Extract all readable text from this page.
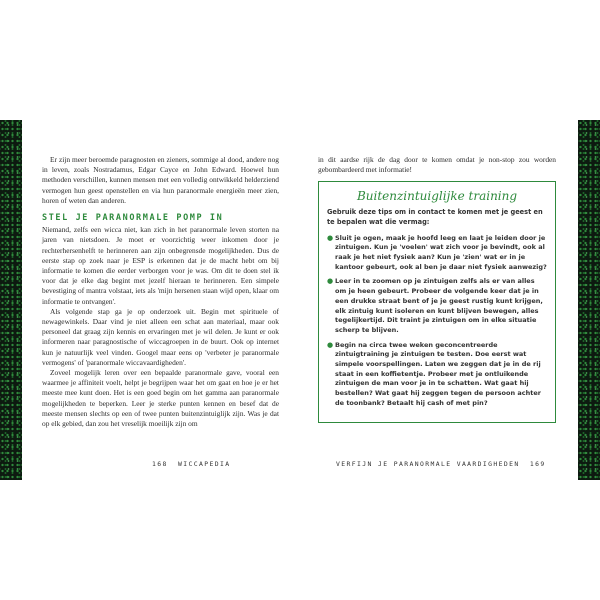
Er zijn meer beroemde paragnosten en zieners, sommige al dood, andere nog in leven, zoals Nostradamus, Edgar Cayce en John Edward. Hoewel hun methoden verschillen, kunnen mensen met een volledig ontwikkeld helderziend vermogen hun geest openstellen en via hun paranormale energieën meer zien, horen of weten dan anderen.

STEL JE PARANORMALE POMP IN

Niemand, zelfs een wicca niet, kan zich in het paranormale leven storten na jaren van nietsdoen. Je moet er voorzichtig weer inkomen door je rechterhersenhelft te herinneren aan zijn onbegrensde mogelijkheden. Dus de eerste stap op zoek naar je ESP is erkennen dat je de macht hebt om bij informatie te komen die eerder verborgen voor je was. Om dit te doen stel ik voor dat je elke dag begint met jezelf hieraan te herinneren. Een simpele bevestiging of mantra volstaat, iets als 'mijn hersenen staan wijd open, klaar om informatie te ontvangen'.

Als volgende stap ga je op onderzoek uit. Begin met spirituele of newagewinkels. Daar vind je niet alleen een schat aan materiaal, maar ook personeel dat graag zijn kennis en ervaringen met je wil delen. Je kunt er ook informeren naar paragnostische of wiccagroepen in de buurt. Ook op internet kun je natuurlijk veel vinden. Googel maar eens op 'verbeter je paranormale vermogens' of 'paranormale wiccavaardigheden'.

Zoveel mogelijk leren over een bepaalde paranormale gave, vooral een waarmee je affiniteit voelt, helpt je begrijpen waar het om gaat en hoe je er het meeste mee kunt doen. Het is een goed begin om het gamma aan paranormale mogelijkheden te beperken. Leer je sterke punten kennen en besef dat de meeste mensen slechts op een of twee punten buitenzintuiglijk zijn. Was je dat op elk gebied, dan zou het vreselijk moeilijk zijn om

in dit aardse rijk de dag door te komen omdat je non-stop zou worden gebombardeerd met informatie!

Buitenzintuiglijke training
Gebruik deze tips om in contact te komen met je geest en te bepalen wat die vermag:
● Sluit je ogen, maak je hoofd leeg en laat je leiden door je zintuigen. Kun je 'voelen' wat zich voor je bevindt, ook al raak je het niet fysiek aan? Kun je 'zien' wat er in je kantoor gebeurt, ook al ben je daar niet fysiek aanwezig?
● Leer in te zoomen op je zintuigen zelfs als er van alles om je heen gebeurt. Probeer de volgende keer dat je in een drukke straat bent of je je geest rustig kunt krijgen, elk zintuig kunt isoleren en kunt blijven bewegen, alles tegelijkertijd. Dit traint je zintuigen om in elke situatie scherp te blijven.
● Begin na circa twee weken geconcentreerde zintuigtraining je zintuigen te testen. Doe eerst wat simpele voorspellingen. Laten we zeggen dat je in de rij staat in een koffietentje. Probeer met je ontluikende zintuigen de man voor je in te schatten. Wat gaat hij bestellen? Wat gaat hij zeggen tegen de persoon achter de toonbank? Betaalt hij cash of met pin?
168 WICCAPEDIA	VERFIJN JE PARANORMALE VAARDIGHEDEN 169
